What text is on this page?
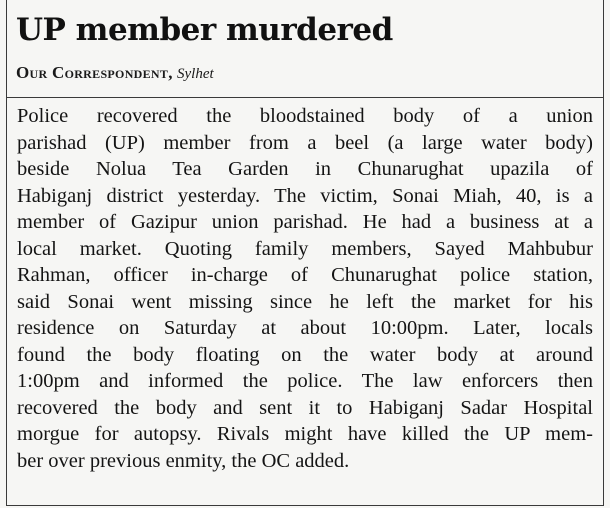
UP member murdered

Our Correspondent, Sylhet

Police recovered the bloodstained body of a union
parishad (UP) member from a beel (a large water body)
beside Nolua Tea Garden in Chunarughat upazila of
Habiganj district yesterday. The victim, Sonai Miah, 40, is a
member of Gazipur union parishad. He had a business at a
local market. Quoting family members, Sayed Mahbubur
Rahman, officer in-charge of Chunarughat police station,
said Sonai went missing since he left the market for his
residence on Saturday at about 10:00pm. Later, locals
found the body floating on the water body at around
1:00pm and informed the police. The law enforcers then
recovered the body and sent it to Habiganj Sadar Hospital
morgue for autopsy. Rivals might have killed the UP mem-
ber over previous enmity, the OC added.
